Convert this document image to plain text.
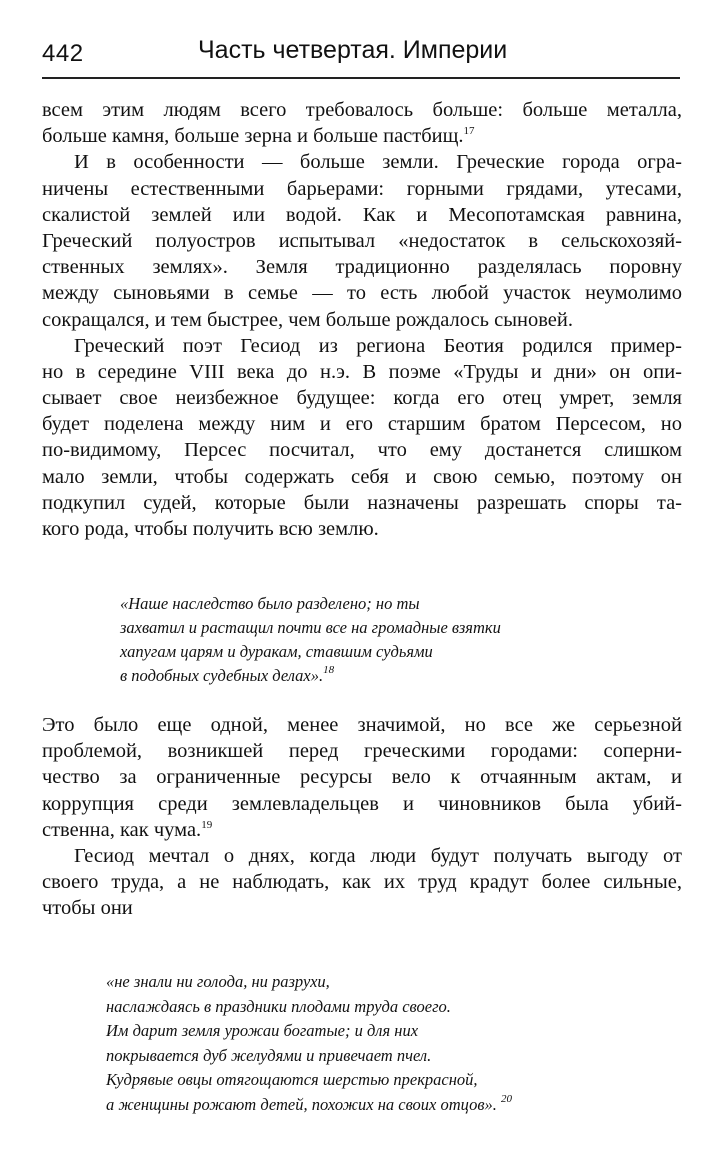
442	Часть четвертая. Империи
всем этим людям всего требовалось больше: больше металла,
больше камня, больше зерна и больше пастбищ.$^{17}$
И в особенности — больше земли. Греческие города огра-
ничены естественными барьерами: горными грядами, утесами,
скалистой землей или водой. Как и Месопотамская равнина,
Греческий полуостров испытывал «недостаток в сельскохозяй-
ственных землях». Земля традиционно разделялась поровну
между сыновьями в семье — то есть любой участок неумолимо
сокращался, и тем быстрее, чем больше рождалось сыновей.
Греческий поэт Гесиод из региона Беотия родился пример-
но в середине VIII века до н.э. В поэме «Труды и дни» он опи-
сывает свое неизбежное будущее: когда его отец умрет, земля
будет поделена между ним и его старшим братом Персесом, но
по-видимому, Персес посчитал, что ему достанется слишком
мало земли, чтобы содержать себя и свою семью, поэтому он
подкупил судей, которые были назначены разрешать споры та-
кого рода, чтобы получить всю землю.
«Наше наследство было разделено; но ты
захватил и растащил почти все на громадные взятки
хапугам царям и дуракам, ставшим судьями
в подобных судебных делах».$^{18}$
Это было еще одной, менее значимой, но все же серьезной
проблемой, возникшей перед греческими городами: соперни-
чество за ограниченные ресурсы вело к отчаянным актам, и
коррупция среди землевладельцев и чиновников была убий-
ственна, как чума.$^{19}$
Гесиод мечтал о днях, когда люди будут получать выгоду от
своего труда, а не наблюдать, как их труд крадут более сильные,
чтобы они
«не знали ни голода, ни разрухи,
наслаждаясь в праздники плодами труда своего.
Им дарит земля урожаи богатые; и для них
покрывается дуб желудями и привечает пчел.
Кудрявые овцы отягощаются шерстью прекрасной,
а женщины рожают детей, похожих на своих отцов». $^{20}$
